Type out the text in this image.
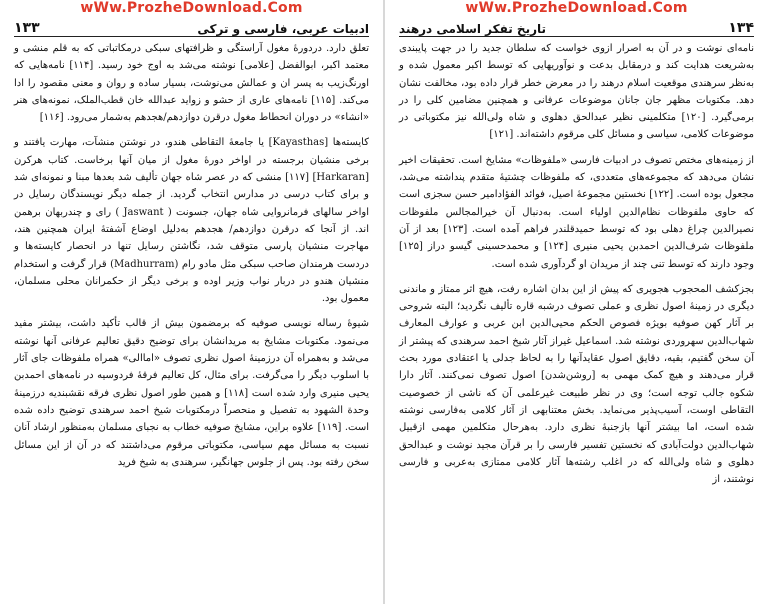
wWw.ProzheDownload.Com
۱۳۳	ادبیات عربی، فارسی و ترکی

تعلق دارد. دردورهٔ مغول آراستگی و ظرافتهای سبکی درمکاتباتی که به قلم منشی و معتمد اکبر، ابوالفضل [علامی] نوشته می‌شد به اوج خود رسید. [۱۱۴] نامه‌هایی که اورنگ‌زیب به پسر ان و عمالش می‌نوشت، بسیار ساده و روان و معنی مقصود را ادا می‌کند. [۱۱۵] نامه‌های عاری از حشو و زواید عبدالله خان قطب‌الملک، نمونه‌های هنر «انشاء» در دوران انحطاط مغول درقرن دوازدهم/هجدهم به‌شمار می‌رود. [۱۱۶]

کایسته‌ها [Kayasthas] یا جامعهٔ التقاطی هندو، در نوشتن منشآت، مهارت یافتند و برخی منشیان برجسته در اواخر دورهٔ مغول از میان آنها برخاست. کتاب هرکرن [Harkaran] [۱۱۷] منشی که در عصر شاه جهان تألیف شد بعدها مبنا و نمونه‌ای شد و برای کتاب درسی در مدارس انتخاب گردید. از جمله دیگر نویسندگان رسایل در اواخر سالهای فرمانروایی شاه جهان، جسونت ( Jaswant ) رای و چندربهان برهمن اند. از آنجا که درقرن دوازدهم/ هجدهم به‌دلیل اوضاع آشفتهٔ ایران همچنین هند، مهاجرت منشیان پارسی متوقف شد، نگاشتن رسایل تنها در انحصار کایسته‌ها و دردست هرمندان صاحب سبکی مثل مادو رام (Madhurram) قرار گرفت و استخدام منشیان هندو در دربار نواب وزیر اوده و برخی دیگر از حکمرانان محلی مسلمان، معمول بود.

شیوهٔ رساله نویسی صوفیه که برمضمون بیش از قالب تأکید داشت، بیشتر مفید می‌نمود. مکتوبات مشایخ به مریدانشان برای توضیح دقیق تعالیم عرفانی آنها نوشته می‌شد و به‌همراه آن درزمینهٔ اصول نظری تصوف «اماالی» همراه ملفوظات جای آثار با اسلوب دیگر را می‌گرفت. برای مثال، کل تعالیم فرقهٔ فردوسیه در نامه‌های احمدبن یحیی منیری وارد شده است [۱۱۸] و همین طور اصول نظری فرقه نقشبندیه درزمینهٔ وحدة الشهود به تفصیل و منحصراً درمکتوبات شیخ احمد سرهندی توضیح داده شده است. [۱۱۹] علاوه براین، مشایخ صوفیه خطاب به نجبای مسلمان به‌منظور ارشاد آنان نسبت به مسائل مهم سیاسی، مکتوباتی مرقوم می‌داشتند که در آن از این مسائل سخن رفته بود. پس از جلوس جهانگیر، سرهندی به شیخ فرید

wWw.ProzheDownload.Com
تاریخ تفکر اسلامی درهند	۱۳۴

نامه‌ای نوشت و در آن به اصرار ازوی خواست که سلطان جدید را در جهت پایبندی به‌شریعت هدایت کند و درمقابل بدعت و نوآوریهایی که توسط اکبر معمول شده و به‌نظر سرهندی موقعیت اسلام درهند را در معرض خطر قرار داده بود، مخالفت نشان دهد. مکتوبات مظهر جان جانان موضوعات عرفانی و همچنین مضامین کلی را در برمی‌گیرد. [۱۲۰] متکلمینی نظیر عبدالحق دهلوی و شاه ولی‌الله نیز مکتوباتی در موضوعات کلامی، سیاسی و مسائل کلی مرقوم داشته‌اند. [۱۲۱]

از زمینه‌های مختص تصوف در ادبیات فارسی «ملفوظات» مشایخ است. تحقیقات اخیر نشان می‌دهد که مجموعه‌های متعددی، که ملفوظات چشتیهٔ متقدم پنداشته می‌شد، مجعول بوده است. [۱۲۲] نخستین مجموعهٔ اصیل، فوائد الفؤادامیر حسن سجزی است که حاوی ملفوظات نظام‌الدین اولیاء است. به‌دنبال آن خیرالمجالس ملفوظات نصیرالدین چراغ دهلی بود که توسط حمیدقلندر فراهم آمده است. [۱۲۳] بعد از آن ملفوظات شرف‌الدین احمدبن یحیی‌ منیری [۱۲۴] و محمدحسینی گیسو دراز [۱۲۵] وجود دارند که توسط تنی چند از مریدان او گردآوری شده است.

بجزکشف المحجوب هجویری که پیش از این بدان اشاره رفت، هیچ اثر ممتاز و ماندنی دیگری در زمینهٔ اصول نظری و عملی تصوف درشبه قاره تألیف نگردید؛ البته شروحی بر آثار کهن صوفیه بویژه فصوص الحکم محیی‌الدین ابن عربی و عوارف المعارف شهاب‌الدین سهروردی نوشته شد. اسماعیل غیراز آثار شیخ احمد سرهندی که پیشتر از آن سخن گفتیم، بقیه، دقایق اصول عقایدآنها را به لحاظ جدلی یا اعتقادی مورد بحث قرار می‌دهند و هیچ کمک مهمی به [روشن‌شدن] اصول تصوف نمی‌کنند. آثار دارا شکوه جالب توجه است؛ وی در نظر طبیعت غیرعلمی آن که ناشی از خصوصیت التقاطی اوست، آسیب‌پذیر می‌نماید. بخش معتنابهی از آثار کلامی به‌فارسی نوشته شده است، اما بیشتر آنها بازجنبهٔ نظری دارد. به‌هرحال متکلمین مهمی ازقبیل شهاب‌الدین دولت‌آبادی که نخستین تفسیر فارسی را بر قرآن مجید نوشت و عبدالحق دهلوی و شاه ولی‌الله که در اغلب رشته‌ها آثار کلامی ممتازی به‌عربی و فارسی نوشتند، از
